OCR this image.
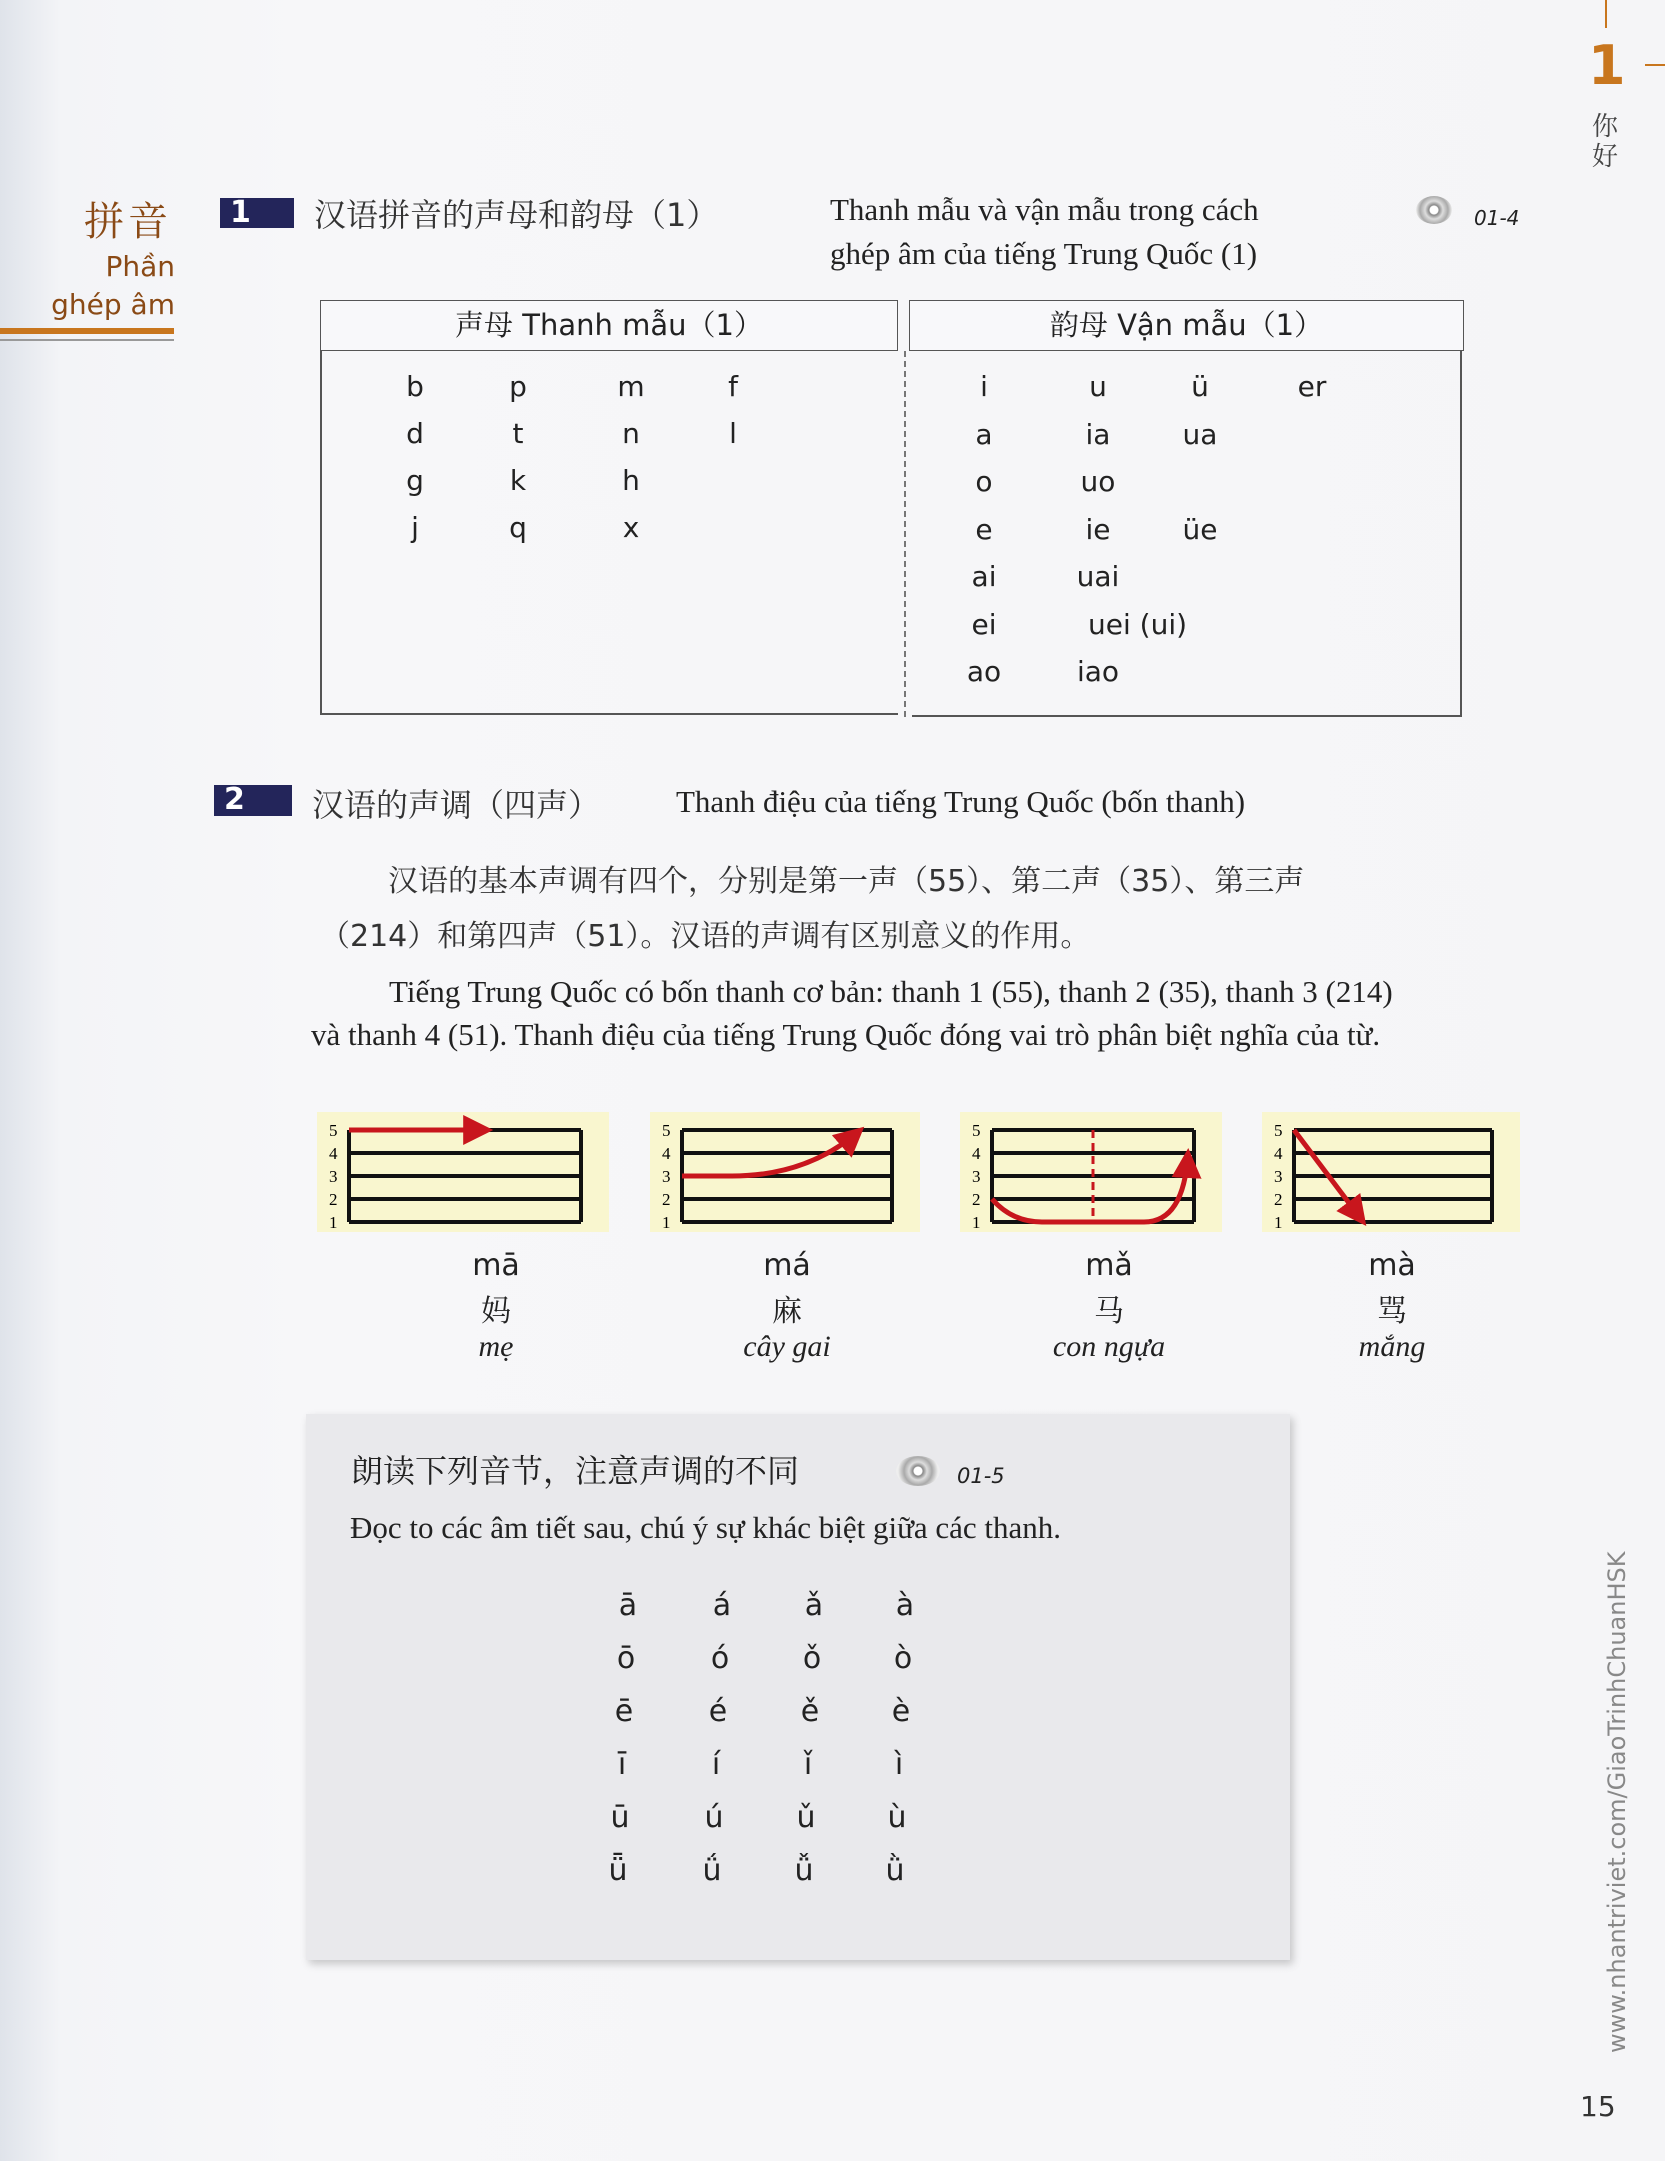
1
你好
拼音
Phần
ghép âm
1	汉语拼音的声母和韵母（1）	Thanh mẫu và vận mẫu trong cách
ghép âm của tiếng Trung Quốc (1)
01-4
声母 Thanh mẫu（1）	韵母 Vận mẫu（1）
b	p	m	f
d	t	n	l
g	k	h
j	q	x
i	u	ü	er
a	ia	ua
o	uo
e	ie	üe
ai	uai
ei	uei (ui)
ao	iao
2	汉语的声调（四声） Thanh điệu của tiếng Trung Quốc (bốn thanh)
汉语的基本声调有四个，分别是第一声（55）、第二声（35）、第三声
（214）和第四声（51）。汉语的声调有区别意义的作用。
Tiếng Trung Quốc có bốn thanh cơ bản: thanh 1 (55), thanh 2 (35), thanh 3 (214)
và thanh 4 (51). Thanh điệu của tiếng Trung Quốc đóng vai trò phân biệt nghĩa của từ.
5
4
3
2
1
mā
妈
mẹ
5
4
3
2
1
má
麻
cây gai
5
4
3
2
1
mǎ
马
con ngựa
5
4
3
2
1
mà
骂
mắng
朗读下列音节，注意声调的不同	01-5
Đọc to các âm tiết sau, chú ý sự khác biệt giữa các thanh.
ā	á ǎ à
ō	ó ǒ ò
ē	é ě è
ī	í	ǐ	ì
ū ú ǔ ù
ǖ ǘ ǚ ǜ	www.nhantriviet.com/GiaoTrinhChuanHSK
15
